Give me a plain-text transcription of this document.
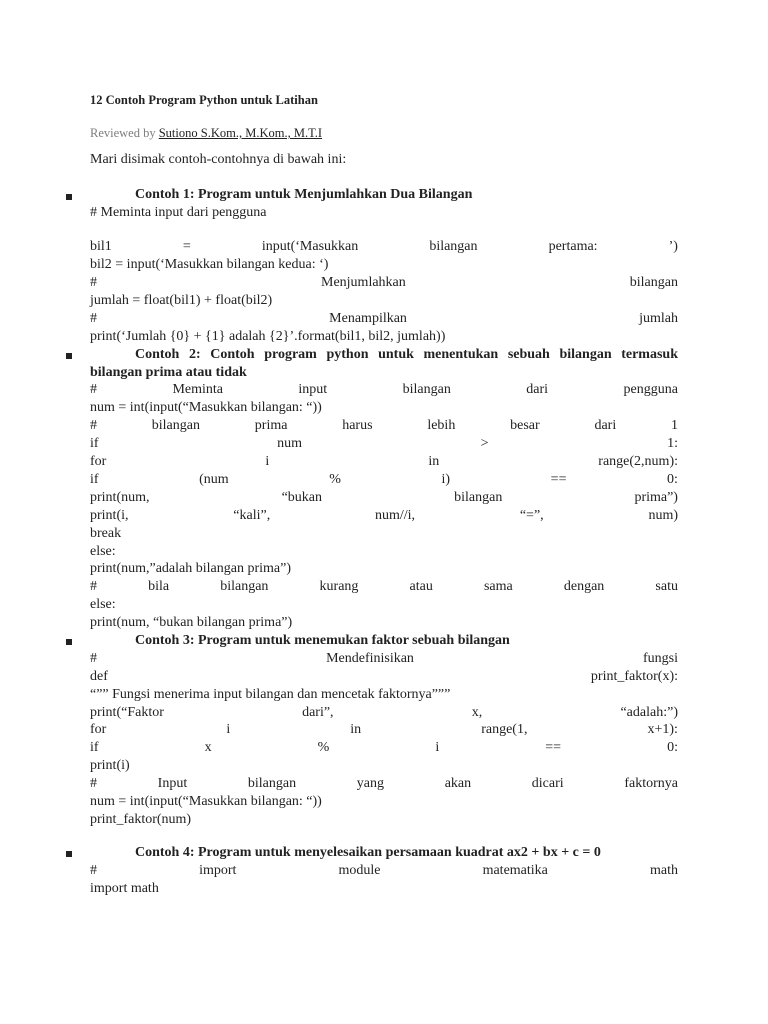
12 Contoh Program Python untuk Latihan
Reviewed by Sutiono S.Kom., M.Kom., M.T.I
Mari disimak contoh-contohnya di bawah ini:
Contoh 1: Program untuk Menjumlahkan Dua Bilangan
# Meminta input dari pengguna
bil1	=	input(‘Masukkan	bilangan	pertama:	’)
bil2 = input(‘Masukkan bilangan kedua: ‘)
#	Menjumlahkan	bilangan
jumlah = float(bil1) + float(bil2)
#	Menampilkan	jumlah
print(‘Jumlah {0} + {1} adalah {2}’.format(bil1, bil2, jumlah))
Contoh 2: Contoh program python untuk menentukan sebuah bilangan termasuk bilangan prima atau tidak
#	Meminta	input	bilangan	dari	pengguna
num = int(input(“Masukkan bilangan: “))
#	bilangan	prima	harus	lebih	besar	dari	1
if	num	>	1:
for	i	in	range(2,num):
if	(num	%	i)	==	0:
print(num,	“bukan	bilangan	prima”)
print(i,	“kali”,	num//i,	“=”,	num)
break
else:
print(num,”adalah bilangan prima”)
#	bila	bilangan	kurang	atau	sama	dengan	satu
else:
print(num, “bukan bilangan prima”)
Contoh 3: Program untuk menemukan faktor sebuah bilangan
#	Mendefinisikan	fungsi
def	print_faktor(x):
“”” Fungsi menerima input bilangan dan mencetak faktornya”””
print(“Faktor	dari”,	x,	“adalah:”)
for	i	in	range(1,	x+1):
if	x	%	i	==	0:
print(i)
#	Input	bilangan	yang	akan	dicari	faktornya
num = int(input(“Masukkan bilangan: “))
print_faktor(num)
Contoh 4: Program untuk menyelesaikan persamaan kuadrat ax2 + bx + c = 0
#	import	module	matematika	math
import math
